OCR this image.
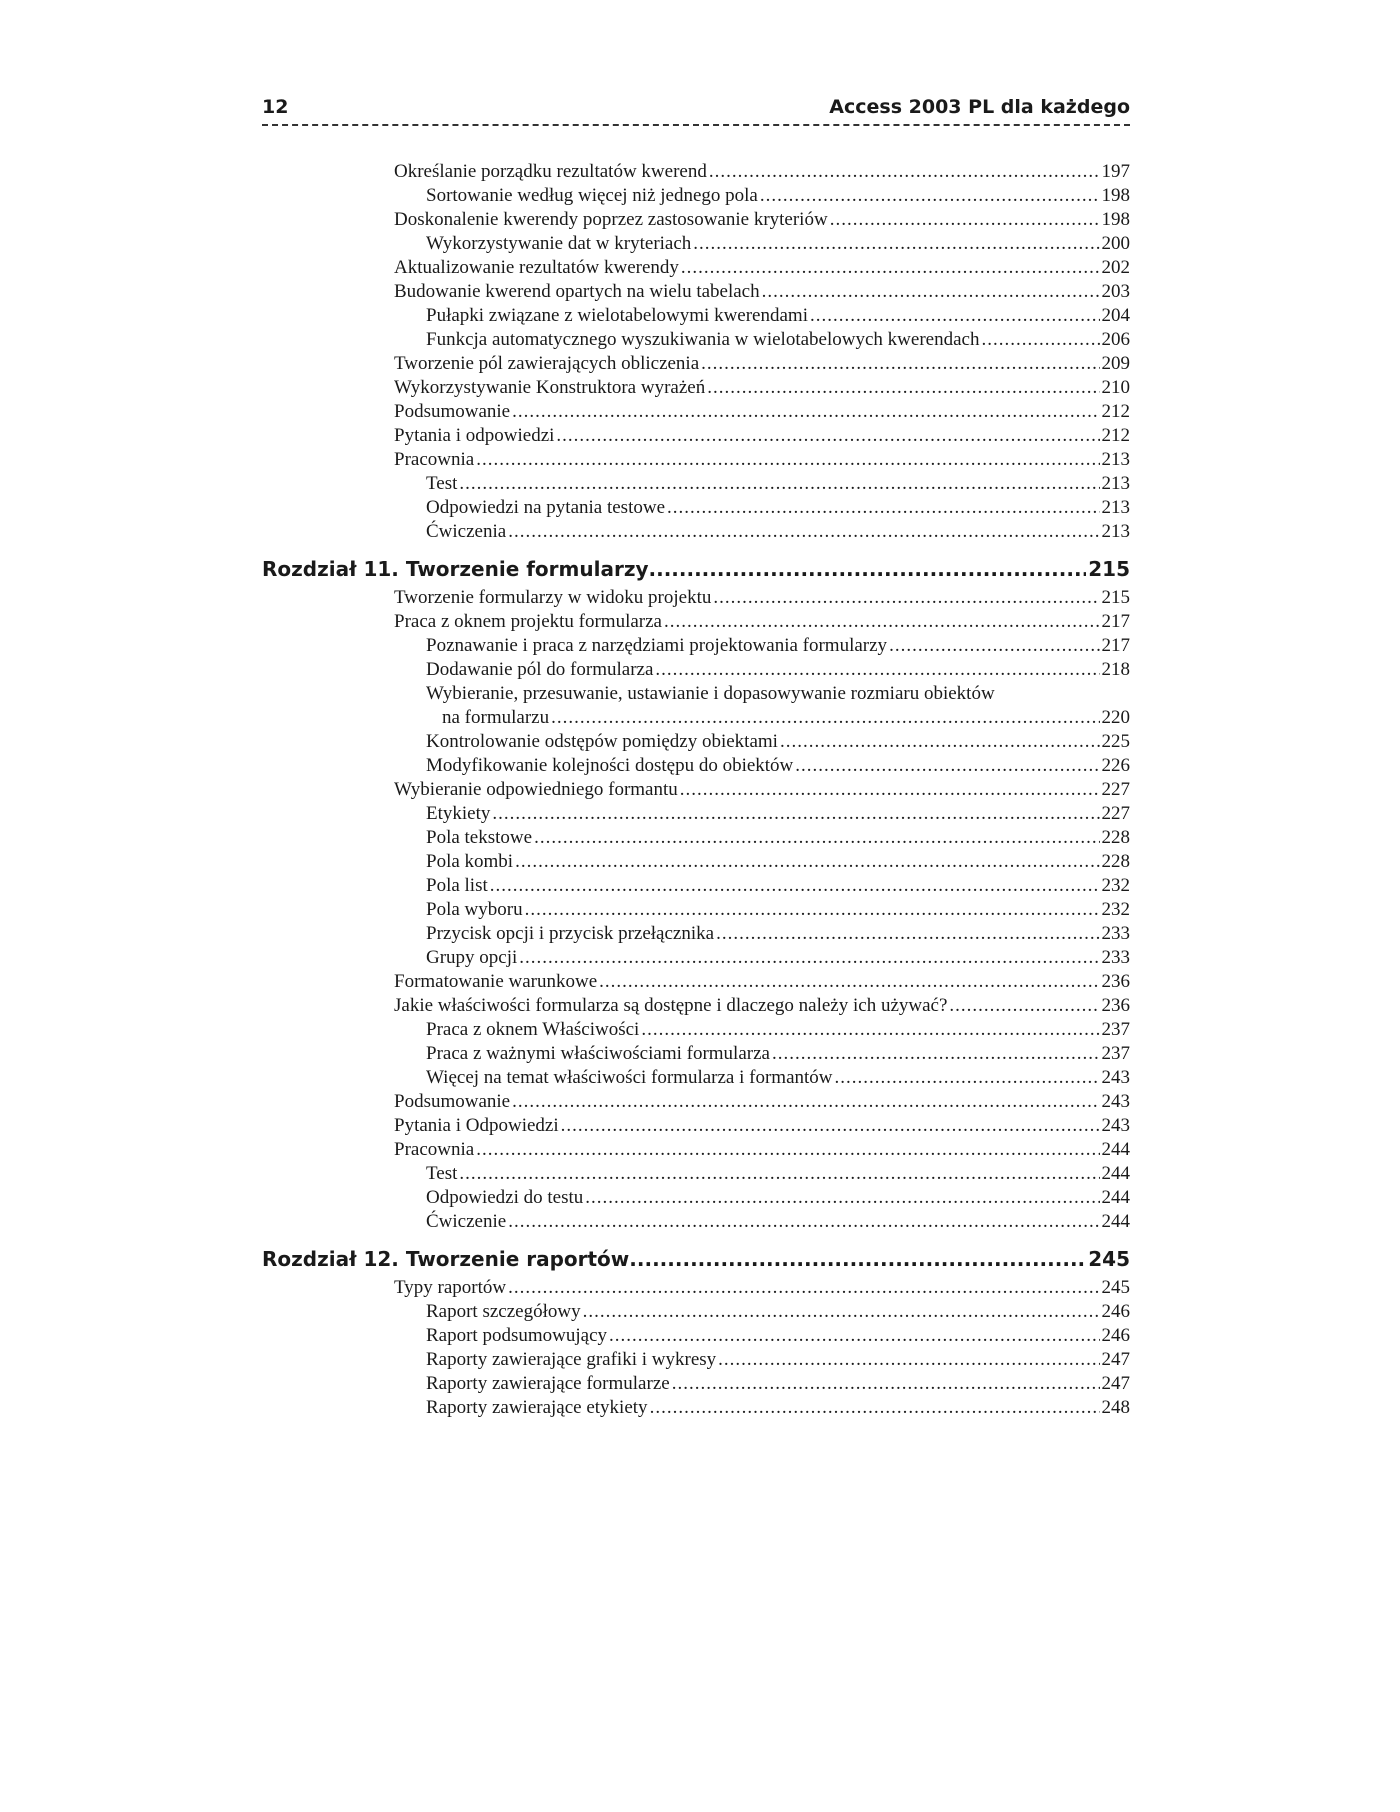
12	Access 2003 PL dla każdego
Określanie porządku rezultatów kwerend .....	197
Sortowanie według więcej niż jednego pola .....	198
Doskonalenie kwerendy poprzez zastosowanie kryteriów .....	198
Wykorzystywanie dat w kryteriach .....	200
Aktualizowanie rezultatów kwerendy .....	202
Budowanie kwerend opartych na wielu tabelach .....	203
Pułapki związane z wielotabelowymi kwerendami .....	204
Funkcja automatycznego wyszukiwania w wielotabelowych kwerendach .....	206
Tworzenie pól zawierających obliczenia .....	209
Wykorzystywanie Konstruktora wyrażeń .....	210
Podsumowanie .....	212
Pytania i odpowiedzi .....	212
Pracownia .....	213
Test .....	213
Odpowiedzi na pytania testowe .....	213
Ćwiczenia .....	213
Rozdział 11. Tworzenie formularzy .....	215
Tworzenie formularzy w widoku projektu .....	215
Praca z oknem projektu formularza .....	217
Poznawanie i praca z narzędziami projektowania formularzy .....	217
Dodawanie pól do formularza .....	218
Wybieranie, przesuwanie, ustawianie i dopasowywanie rozmiaru obiektów
na formularzu .....	220
Kontrolowanie odstępów pomiędzy obiektami .....	225
Modyfikowanie kolejności dostępu do obiektów .....	226
Wybieranie odpowiedniego formantu .....	227
Etykiety .....	227
Pola tekstowe .....	228
Pola kombi .....	228
Pola list .....	232
Pola wyboru .....	232
Przycisk opcji i przycisk przełącznika .....	233
Grupy opcji .....	233
Formatowanie warunkowe .....	236
Jakie właściwości formularza są dostępne i dlaczego należy ich używać? .....	236
Praca z oknem Właściwości .....	237
Praca z ważnymi właściwościami formularza .....	237
Więcej na temat właściwości formularza i formantów .....	243
Podsumowanie .....	243
Pytania i Odpowiedzi .....	243
Pracownia .....	244
Test .....	244
Odpowiedzi do testu .....	244
Ćwiczenie .....	244
Rozdział 12. Tworzenie raportów .....	245
Typy raportów .....	245
Raport szczegółowy .....	246
Raport podsumowujący .....	246
Raporty zawierające grafiki i wykresy .....	247
Raporty zawierające formularze .....	247
Raporty zawierające etykiety .....	248
